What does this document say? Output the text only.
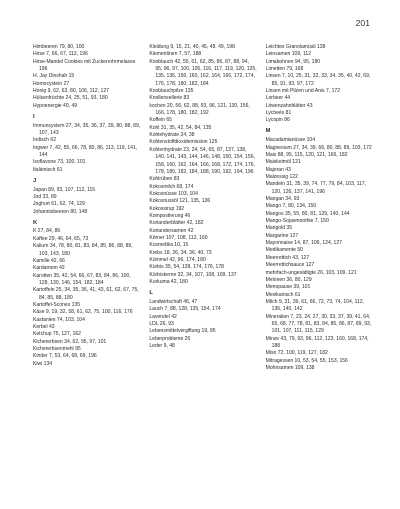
201
Himbeeren 79, 80, 100
Hirse 7, 66, 67, 112, 196
Hirse-Mandel Cookies mit Zuckerrohrmelasse 196
H. Jay Dinshah 15
Homocystein 27
Honig 9, 62, 63, 80, 106, 112, 127
Hülsenfrüchte 24, 25, 51, 93, 180
Hypoenergie 40, 49
I
Immunsystem 27, 34, 35, 36, 37, 39, 80, 88, 89, 107, 143
Indisch 62
Ingwer 7, 42, 55, 66, 78, 80, 86, 113, 119, 141, 144
Isoflavone 73, 100, 101
Italienisch 61
J
Japan 89, 93, 107, 112, 115
Jod 33, 89
Joghurt 61, 62, 74, 129
Johannisbeeren 80, 148
K
K 27, 84, 86
Kaffee 29, 46, 64, 65, 73
Kalium 34, 78, 80, 81, 83, 84, 85, 86, 88, 89, 103, 143, 180
Kamille 42, 66
Kardamom 42
Karotten 35, 42, 54, 66, 67, 83, 84, 86, 100, 128, 130, 146, 154, 182, 184
Kartoffeln 25, 34, 35, 36, 41, 43, 61, 62, 67, 75, 84, 85, 88, 180
Kartoffel-Scones 135
Käse 9, 19, 32, 58, 61, 62, 75, 100, 116, 176
Kastanien 74, 103, 104
Kerbel 43
Ketchup 75, 127, 162
Kichererbsen 34, 62, 95, 97, 101
Kichererbsenmehl 95
Kinder 7, 53, 64, 68, 69, 196
Kiwi 134
Kleidung 9, 15, 21, 40, 45, 48, 49, 198
Klementinen 7, 57, 188
Knoblauch 42, 55, 61, 62, 85, 86, 87, 88, 94, 95, 96, 97, 100, 105, 116, 117, 119, 120, 125, 135, 136, 156, 160, 162, 164, 166, 172, 174, 176, 178, 180, 182, 184
Knoblauchpilze 135
Knollensellerie 83
kochen 20, 56, 62, 88, 93, 96, 121, 130, 156, 166, 178, 180, 182, 192
Koffein 65
Kohl 31, 35, 42, 54, 84, 135
Kohlehydrate 24, 38
Kohlenstoffdioxidemission 125
Kohlenhydrate 23, 24, 54, 65, 87, 137, 138, 140, 141, 143, 144, 146, 148, 150, 154, 156, 158, 160, 162, 164, 166, 168, 172, 174, 176, 178, 180, 182, 184, 188, 190, 192, 194, 196
Kohlrüben 83
Kokosmilch 68, 174
Kokosnüsse 103, 104
Kokosnussöl 121, 135, 136
Kokossirup 192
Kompostierung 46
Korianderblätter 42, 182
Koriandersamen 42
Körner 107, 108, 112, 160
Kosmetika 10, 15
Krebs 18, 26, 34, 36, 40, 73
Kümmel 42, 96, 174, 180
Kürbis 35, 54, 128, 174, 176, 178
Kürbiskerne 32, 34, 107, 108, 109, 137
Kurkuma 42, 180
L
Landwirtschaft 46, 47
Lauch 7, 88, 128, 135, 154, 174
Lavendel 42
LDL 26, 93
Lebensmittelvergiftung 19, 95
Leberprobleme 26
Leder 9, 48
Leichtes Granolamüsli 138
Leinsamen 109, 112
Limabohnen 94, 95, 180
Limetten 79, 168
Linsen 7, 10, 25, 31, 32, 33, 34, 35, 40, 42, 69, 85, 91, 93, 97, 172
Linsen mit Pilzen und Anis 7, 172
Lorbeer 44
Löwenzahnblätter 43
Lycheés 81
Lycopin 86
M
Macadamianüsse 104
Magnesium 27, 34, 39, 66, 80, 88, 89, 103, 172
Mais 88, 95, 115, 120, 121, 166, 182
Maiskeimöl 121
Majoran 43
Malzessig 122
Mandeln 31, 35, 39, 74, 77, 79, 84, 103, 117, 120, 126, 137, 141, 196
Mangan 34, 93
Mango 7, 80, 134, 150
Mangos 35, 55, 80, 81, 129, 140, 144
Mango-Sojasmoothie 7, 150
Mangold 35
Margarine 127
Mayonnaise 14, 87, 106, 124, 127
Medikamente 50
Meerrettich 43, 127
Meerrettichsauce 127
mehrfach-ungesättigte 26, 103, 109, 121
Melonen 36, 80, 129
Menopause 39, 101
Mexikanisch 61
Milch 9, 31, 39, 61, 66, 72, 73, 74, 104, 112, 136, 140, 142
Mineralien 7, 23, 24, 27, 30, 33, 37, 39, 41, 64, 65, 68, 77, 78, 81, 83, 84, 85, 86, 87, 89, 93, 101, 107, 111, 115, 129
Minze 43, 79, 93, 96, 112, 123, 160, 168, 174, 188
Miso 72, 100, 119, 127, 182
Mitragessen 10, 53, 54, 55, 153, 156
Mohnsamen 109, 138
